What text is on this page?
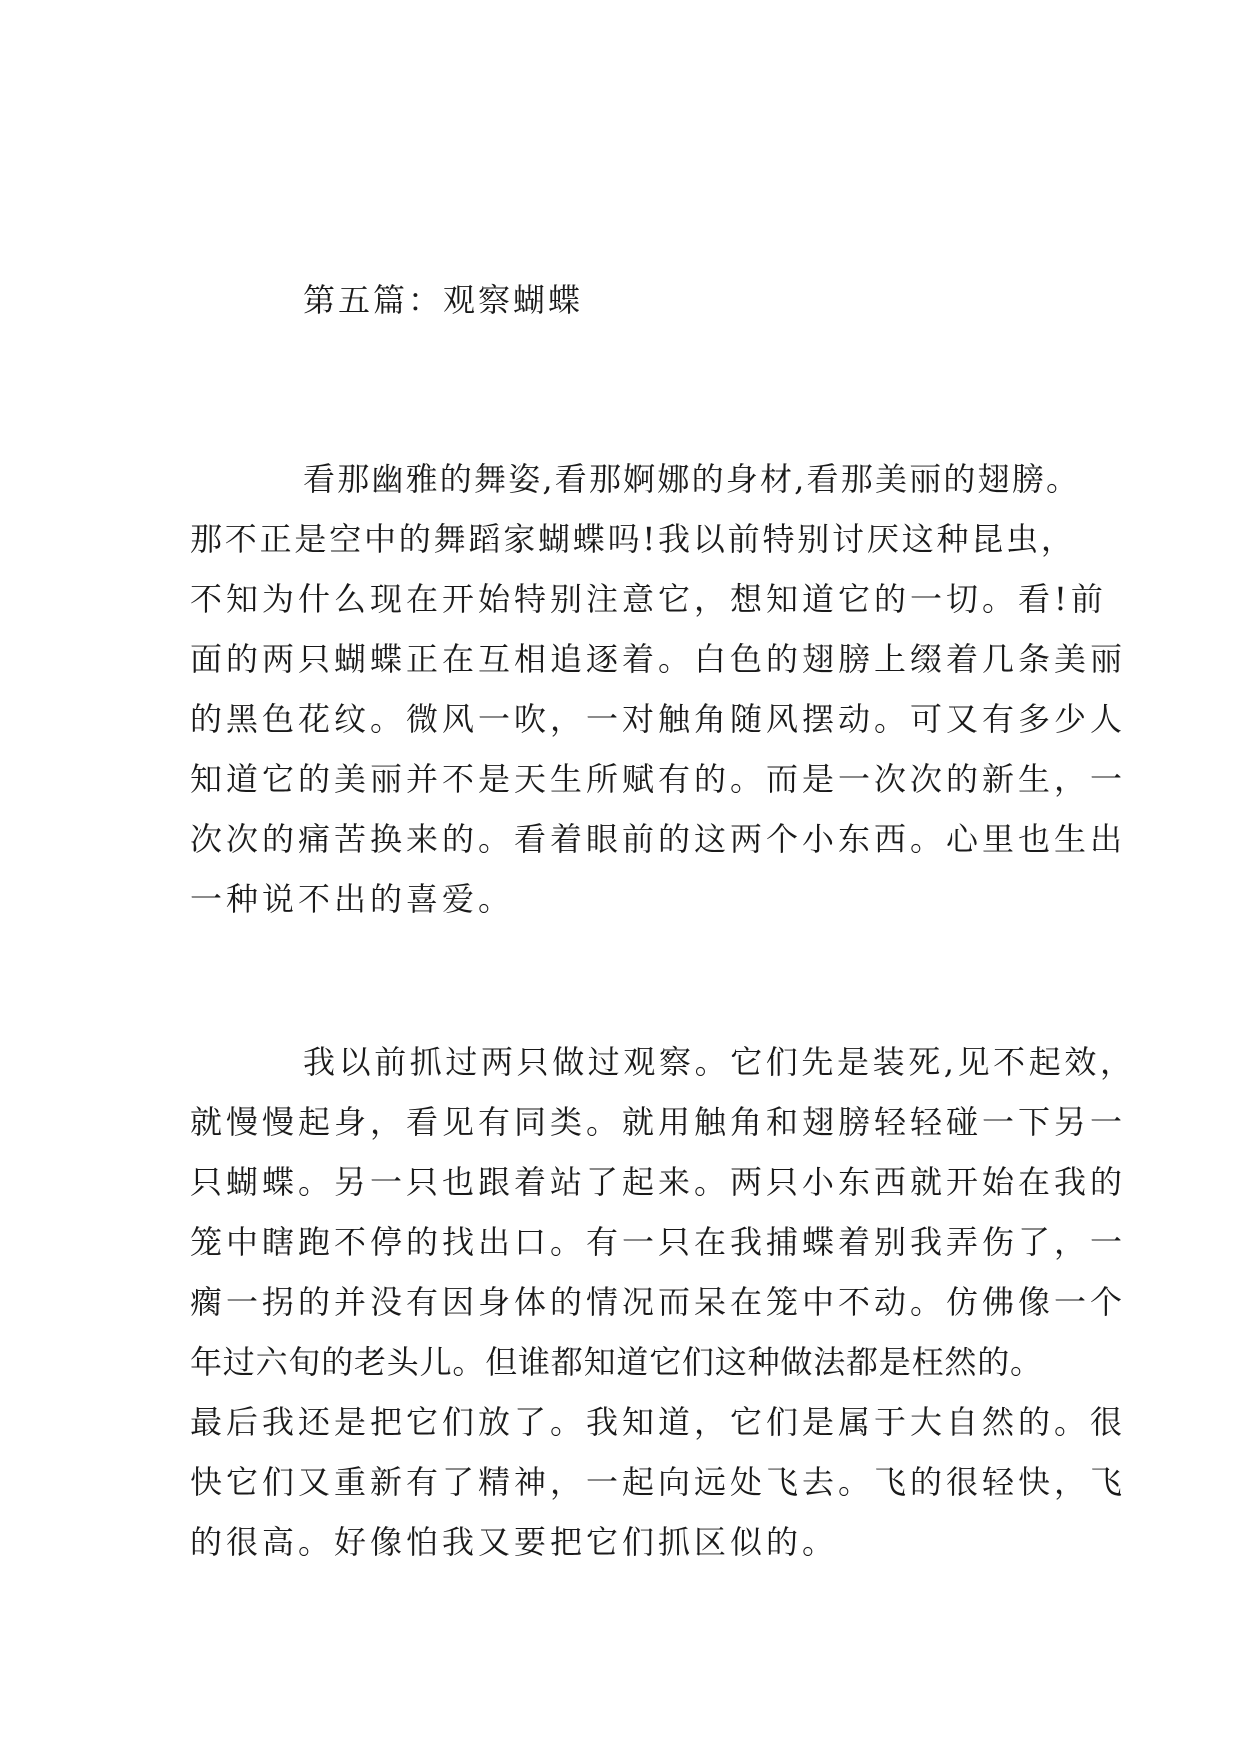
第五篇：观察蝴蝶
看那幽雅的舞姿,看那婀娜的身材,看那美丽的翅膀。
那不正是空中的舞蹈家蝴蝶吗!我以前特别讨厌这种昆虫，
不知为什么现在开始特别注意它，想知道它的一切。看!前
面的两只蝴蝶正在互相追逐着。白色的翅膀上缀着几条美丽
的黑色花纹。微风一吹，一对触角随风摆动。可又有多少人
知道它的美丽并不是天生所赋有的。而是一次次的新生，一
次次的痛苦换来的。看着眼前的这两个小东西。心里也生出
一种说不出的喜爱。
我以前抓过两只做过观察。它们先是装死,见不起效，
就慢慢起身，看见有同类。就用触角和翅膀轻轻碰一下另一
只蝴蝶。另一只也跟着站了起来。两只小东西就开始在我的
笼中瞎跑不停的找出口。有一只在我捕蝶着别我弄伤了，一
瘸一拐的并没有因身体的情况而呆在笼中不动。仿佛像一个
年过六旬的老头儿。但谁都知道它们这种做法都是枉然的。
最后我还是把它们放了。我知道，它们是属于大自然的。很
快它们又重新有了精神，一起向远处飞去。飞的很轻快，飞
的很高。好像怕我又要把它们抓区似的。
